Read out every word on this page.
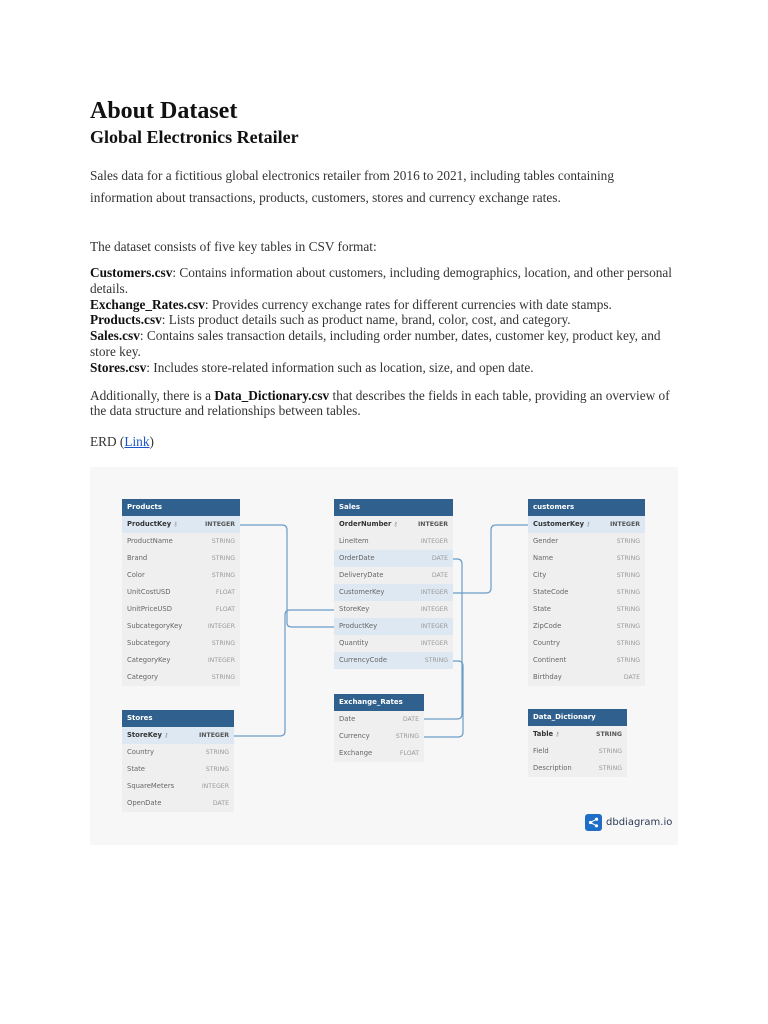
About Dataset
Global Electronics Retailer

Sales data for a fictitious global electronics retailer from 2016 to 2021, including tables containing information about transactions, products, customers, stores and currency exchange rates.

The dataset consists of five key tables in CSV format:

Customers.csv: Contains information about customers, including demographics, location, and other personal details.
Exchange_Rates.csv: Provides currency exchange rates for different currencies with date stamps.
Products.csv: Lists product details such as product name, brand, color, cost, and category.
Sales.csv: Contains sales transaction details, including order number, dates, customer key, product key, and store key.
Stores.csv: Includes store-related information such as location, size, and open date.

Additionally, there is a Data_Dictionary.csv that describes the fields in each table, providing an overview of the data structure and relationships between tables.

ERD (Link)

Products
ProductKey ⚷	INTEGER
ProductName	STRING
Brand	STRING
Color	STRING
UnitCostUSD	FLOAT
UnitPriceUSD	FLOAT
SubcategoryKey	INTEGER
Subcategory	STRING
CategoryKey	INTEGER
Category	STRING
Sales
OrderNumber ⚷	INTEGER
LineItem	INTEGER
OrderDate	DATE
DeliveryDate	DATE
CustomerKey	INTEGER
StoreKey	INTEGER
ProductKey	INTEGER
Quantity	INTEGER
CurrencyCode	STRING
customers
CustomerKey ⚷	INTEGER
Gender	STRING
Name	STRING
City	STRING
StateCode	STRING
State	STRING
ZipCode	STRING
Country	STRING
Continent	STRING
Birthday	DATE
Stores
StoreKey ⚷	INTEGER
Country	STRING
State	STRING
SquareMeters	INTEGER
OpenDate	DATE
Exchange_Rates
Date	DATE
Currency	STRING
Exchange	FLOAT
Data_Dictionary
Table ⚷	STRING
Field	STRING
Description	STRING
dbdiagram.io
